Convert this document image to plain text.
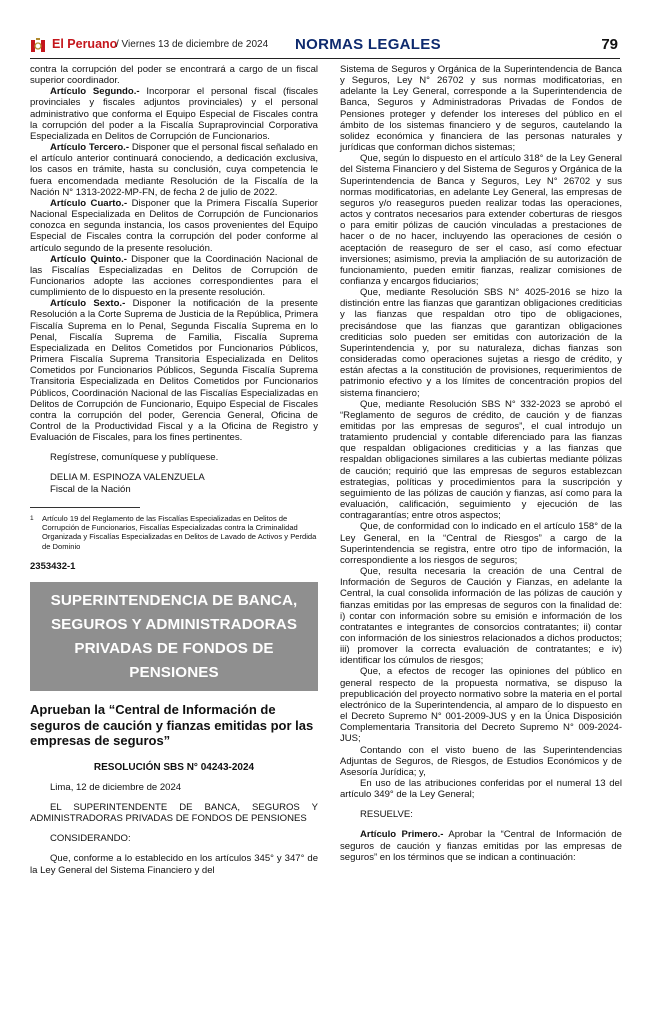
El Peruano
/ Viernes 13 de diciembre de 2024 NORMAS LEGALES	79

contra la corrupción del poder se encontrará a cargo de un fiscal superior coordinador.

Artículo Segundo.- Incorporar el personal fiscal (fiscales provinciales y fiscales adjuntos provinciales) y el personal administrativo que conforma el Equipo Especial de Fiscales contra la corrupción del poder a la Fiscalía Supraprovincial Corporativa Especializada en Delitos de Corrupción de Funcionarios.

Artículo Tercero.- Disponer que el personal fiscal señalado en el artículo anterior continuará conociendo, a dedicación exclusiva, los casos en trámite, hasta su conclusión, cuya competencia le fuera encomendada mediante Resolución de la Fiscalía de la Nación N° 1313-2022-MP-FN, de fecha 2 de julio de 2022.

Artículo Cuarto.- Disponer que la Primera Fiscalía Superior Nacional Especializada en Delitos de Corrupción de Funcionarios conozca en segunda instancia, los casos provenientes del Equipo Especial de Fiscales contra la corrupción del poder conforme al artículo segundo de la presente resolución.

Artículo Quinto.- Disponer que la Coordinación Nacional de las Fiscalías Especializadas en Delitos de Corrupción de Funcionarios adopte las acciones correspondientes para el cumplimiento de lo dispuesto en la presente resolución.

Artículo Sexto.- Disponer la notificación de la presente Resolución a la Corte Suprema de Justicia de la República, Primera Fiscalía Suprema en lo Penal, Segunda Fiscalía Suprema en lo Penal, Fiscalía Suprema de Familia, Fiscalía Suprema Especializada en Delitos Cometidos por Funcionarios Públicos, Primera Fiscalía Suprema Transitoria Especializada en Delitos Cometidos por Funcionarios Públicos, Segunda Fiscalía Suprema Transitoria Especializada en Delitos Cometidos por Funcionarios Públicos, Coordinación Nacional de las Fiscalías Especializadas en Delitos de Corrupción de Funcionario, Equipo Especial de Fiscales contra la corrupción del poder, Gerencia General, Oficina de Control de la Productividad Fiscal y a la Oficina de Registro y Evaluación de Fiscales, para los fines pertinentes.

Regístrese, comuníquese y publíquese.

DELIA M. ESPINOZA VALENZUELA

Fiscal de la Nación

1 Artículo 19 del Reglamento de las Fiscalías Especializadas en Delitos de Corrupción de Funcionarios, Fiscalías Especializadas contra la Criminalidad Organizada y Fiscalías Especializadas en Delitos de Lavado de Activos y Perdida de Dominio

2353432-1

SUPERINTENDENCIA DE BANCA,
SEGUROS Y ADMINISTRADORAS
PRIVADAS DE FONDOS DE PENSIONES
Aprueban la “Central de Información de seguros de caución y fianzas emitidas por las empresas de seguros”
RESOLUCIÓN SBS N° 04243-2024

Lima, 12 de diciembre de 2024

EL SUPERINTENDENTE DE BANCA, SEGUROS Y ADMINISTRADORAS PRIVADAS DE FONDOS DE PENSIONES

CONSIDERANDO:

Que, conforme a lo establecido en los artículos 345° y 347° de la Ley General del Sistema Financiero y del

Sistema de Seguros y Orgánica de la Superintendencia de Banca y Seguros, Ley N° 26702 y sus normas modificatorias, en adelante la Ley General, corresponde a la Superintendencia de Banca, Seguros y Administradoras Privadas de Fondos de Pensiones proteger y defender los intereses del público en el ámbito de los sistemas financiero y de seguros, cautelando la solidez económica y financiera de las personas naturales y jurídicas que conforman dichos sistemas;

Que, según lo dispuesto en el artículo 318° de la Ley General del Sistema Financiero y del Sistema de Seguros y Orgánica de la Superintendencia de Banca y Seguros, Ley N° 26702 y sus normas modificatorias, en adelante Ley General, las empresas de seguros y/o reaseguros pueden realizar todas las operaciones, actos y contratos necesarios para extender coberturas de riesgos o para emitir pólizas de caución vinculadas a prestaciones de hacer o de no hacer, incluyendo las operaciones de cesión o aceptación de reaseguro de ser el caso, así como efectuar inversiones; asimismo, previa la ampliación de su autorización de funcionamiento, pueden emitir fianzas, realizar comisiones de confianza y encargos fiduciarios;

Que, mediante Resolución SBS N° 4025-2016 se hizo la distinción entre las fianzas que garantizan obligaciones crediticias y las fianzas que respaldan otro tipo de obligaciones, precisándose que las fianzas que garantizan obligaciones crediticias solo pueden ser emitidas con autorización de la Superintendencia y, por su naturaleza, dichas fianzas son consideradas como operaciones sujetas a riesgo de crédito, y están afectas a la constitución de provisiones, requerimientos de patrimonio efectivo y a los límites de concentración propios del sistema financiero;

Que, mediante Resolución SBS N° 332-2023 se aprobó el “Reglamento de seguros de crédito, de caución y de fianzas emitidas por las empresas de seguros”, el cual introdujo un tratamiento prudencial y contable diferenciado para las fianzas que respaldan obligaciones crediticias y a las fianzas que respaldan obligaciones similares a las cubiertas mediante pólizas de caución; requirió que las empresas de seguros establezcan estrategias, políticas y procedimientos para la suscripción y seguimiento de las pólizas de caución y fianzas, así como para la evaluación, calificación, seguimiento y ejecución de las contragarantías; entre otros aspectos;

Que, de conformidad con lo indicado en el artículo 158° de la Ley General, en la “Central de Riesgos” a cargo de la Superintendencia se registra, entre otro tipo de información, la correspondiente a los riesgos de seguros;

Que, resulta necesaria la creación de una Central de Información de Seguros de Caución y Fianzas, en adelante la Central, la cual consolida información de las pólizas de caución y fianzas emitidas por las empresas de seguros con la finalidad de: i) contar con información sobre su emisión e información de los contratantes e integrantes de consorcios contratantes; ii) contar con información de los siniestros relacionados a dichos productos; iii) promover la correcta evaluación de contratantes; e iv) identificar los cúmulos de riesgos;

Que, a efectos de recoger las opiniones del público en general respecto de la propuesta normativa, se dispuso la prepublicación del proyecto normativo sobre la materia en el portal electrónico de la Superintendencia, al amparo de lo dispuesto en el Decreto Supremo N° 001-2009-JUS y en la Única Disposición Complementaria Transitoria del Decreto Supremo N° 009-2024-JUS;

Contando con el visto bueno de las Superintendencias Adjuntas de Seguros, de Riesgos, de Estudios Económicos y de Asesoría Jurídica; y,

En uso de las atribuciones conferidas por el numeral 13 del artículo 349° de la Ley General;

RESUELVE:

Artículo Primero.- Aprobar la “Central de Información de seguros de caución y fianzas emitidas por las empresas de seguros” en los términos que se indican a continuación:
